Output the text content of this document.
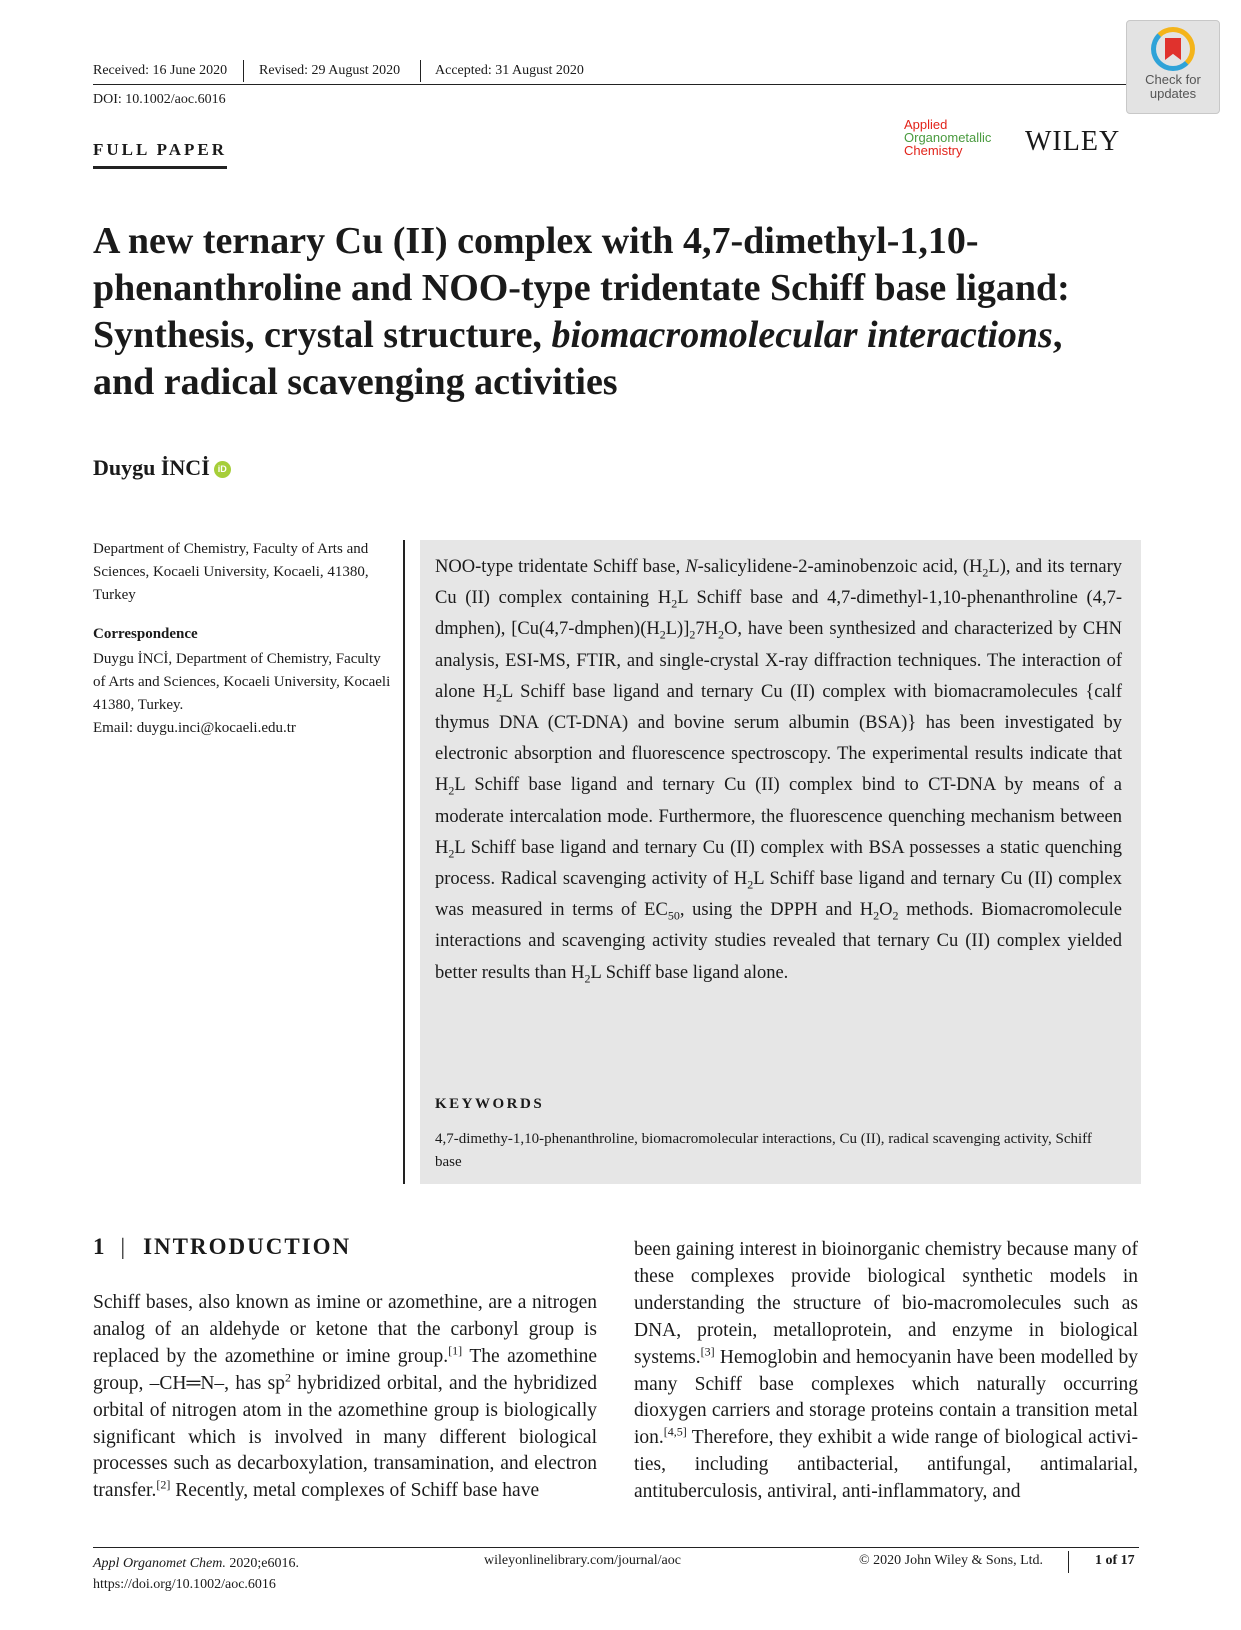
Received: 16 June 2020 Revised: 29 August 2020 Accepted: 31 August 2020
DOI: 10.1002/aoc.6016
Check for
updates
Applied
Organometallic
Chemistry	WILEY
FULL PAPER
A new ternary Cu (II) complex with 4,7-dimethyl-1,10-phenanthroline and NOO-type tridentate Schiff base ligand: Synthesis, crystal structure, biomacromolecular interactions, and radical scavenging activities
Duygu İNCİ iD
Department of Chemistry, Faculty of Arts and Sciences, Kocaeli University, Kocaeli, 41380, Turkey
Correspondence
Duygu İNCİ, Department of Chemistry, Faculty of Arts and Sciences, Kocaeli University, Kocaeli 41380, Turkey.
Email: duygu.inci@kocaeli.edu.tr

NOO-type tridentate Schiff base, N-salicylidene-2-aminobenzoic acid, $(H_2L)$, and its ternary Cu (II) complex containing $H_2L$ Schiff base and 4,7-dimethyl-1,10-phenanthroline (4,7-dmphen), $[Cu(4,7-dmphen)(H_2L)]_27H_2O$, have been synthesized and characterized by CHN analysis, ESI-MS, FTIR, and single-crystal X-ray diffraction techniques. The interaction of alone $H_2L$ Schiff base ligand and ternary Cu (II) complex with biomacramolecules {calf thymus DNA (CT-DNA) and bovine serum albumin (BSA)} has been investigated by electronic absorption and fluorescence spectroscopy. The experimental results indicate that $H_2L$ Schiff base ligand and ternary Cu (II) complex bind to CT-DNA by means of a moderate intercalation mode. Furthermore, the fluorescence quenching mechanism between $H_2L$ Schiff base ligand and ternary Cu (II) complex with BSA possesses a static quenching process. Radical scavenging activity of $H_2L$ Schiff base ligand and ternary Cu (II) complex was measured in terms of $EC_{50}$, using the DPPH and $H_2O_2$ methods. Biomacromolecule interactions and scavenging activity studies revealed that ternary Cu (II) complex yielded better results than $H_2L$ Schiff base ligand alone.

KEYWORDS

4,7-dimethy-1,10-phenanthroline, biomacromolecular interactions, Cu (II), radical scavenging activity, Schiff base

1 | INTRODUCTION

Schiff bases, also known as imine or azomethine, are a nitrogen analog of an aldehyde or ketone that the carbonyl group is replaced by the azomethine or imine group.[1] The azomethine group, –CH═N–, has $sp^2$ hybridized orbital, and the hybridized orbital of nitrogen atom in the azomethine group is biologically significant which is involved in many different biological processes such as decarboxylation, transamination, and electron transfer.[2] Recently, metal complexes of Schiff base have

been gaining interest in bioinorganic chemistry because many of these complexes provide biological synthetic models in understanding the structure of bio-macromolecules such as DNA, protein, metalloprotein, and enzyme in biological systems.[3] Hemoglobin and hemocyanin have been modelled by many Schiff base complexes which naturally occurring dioxygen carriers and storage proteins contain a transition metal ion.[4,5] Therefore, they exhibit a wide range of biological activi-ties, including antibacterial, antifungal, antimalarial, antituberculosis, antiviral, anti-inflammatory, and

Appl Organomet Chem. 2020;e6016.
https://doi.org/10.1002/aoc.6016
wileyonlinelibrary.com/journal/aoc	© 2020 John Wiley & Sons, Ltd.	1 of 17
